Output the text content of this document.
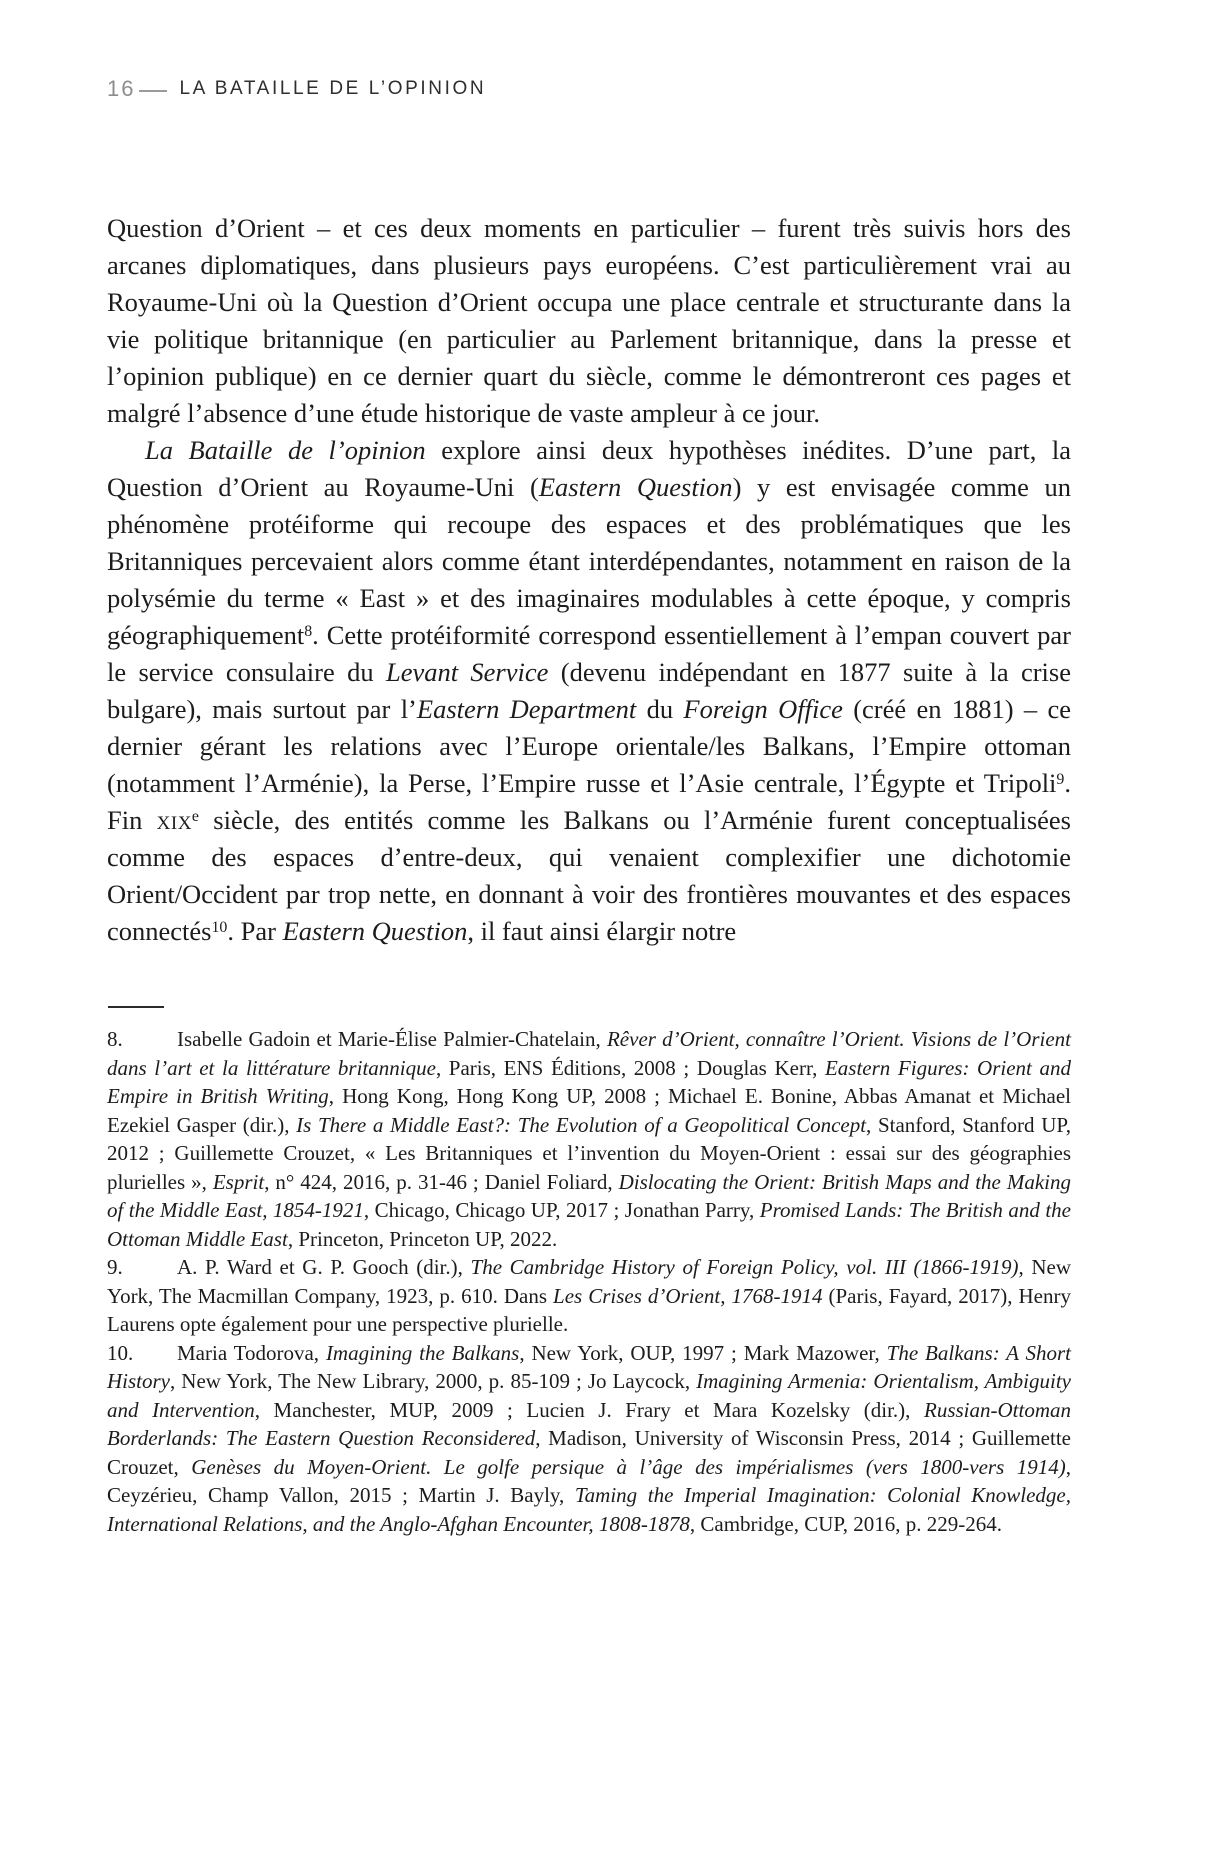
16 LA BATAILLE DE L’OPINION

Question d’Orient – et ces deux moments en particulier – furent très suivis hors des arcanes diplomatiques, dans plusieurs pays européens. C’est particulièrement vrai au Royaume-Uni où la Question d’Orient occupa une place centrale et structurante dans la vie politique britannique (en particulier au Parlement britannique, dans la presse et l’opinion publique) en ce dernier quart du siècle, comme le démontreront ces pages et malgré l’absence d’une étude historique de vaste ampleur à ce jour.

La Bataille de l’opinion explore ainsi deux hypothèses inédites. D’une part, la Question d’Orient au Royaume-Uni (Eastern Question) y est envisagée comme un phénomène protéiforme qui recoupe des espaces et des problématiques que les Britanniques percevaient alors comme étant interdépendantes, notamment en raison de la polysémie du terme « East » et des imaginaires modulables à cette époque, y compris géographiquement$^8$. Cette protéiformité correspond essentiellement à l’empan couvert par le service consulaire du Levant Service (devenu indépendant en 1877 suite à la crise bulgare), mais surtout par l’Eastern Department du Foreign Office (créé en 1881) – ce dernier gérant les relations avec l’Europe orientale/les Balkans, l’Empire ottoman (notamment l’Arménie), la Perse, l’Empire russe et l’Asie centrale, l’Égypte et Tripoli$^9$. Fin xix$^e$ siècle, des entités comme les Balkans ou l’Arménie furent conceptualisées comme des espaces d’entre-deux, qui venaient complexifier une dichotomie Orient/Occident par trop nette, en donnant à voir des frontières mouvantes et des espaces connectés$^{10}$. Par Eastern Question, il faut ainsi élargir notre

8.	Isabelle Gadoin et Marie-Élise Palmier-Chatelain, Rêver d’Orient, connaître l’Orient. Visions de l’Orient dans l’art et la littérature britannique, Paris, ENS Éditions, 2008 ; Douglas Kerr, Eastern Figures: Orient and Empire in British Writing, Hong Kong, Hong Kong UP, 2008 ; Michael E. Bonine, Abbas Amanat et Michael Ezekiel Gasper (dir.), Is There a Middle East?: The Evolution of a Geopolitical Concept, Stanford, Stanford UP, 2012 ; Guillemette Crouzet, « Les Britanniques et l’invention du Moyen-Orient : essai sur des géographies plurielles », Esprit, n° 424, 2016, p. 31-46 ; Daniel Foliard, Dislocating the Orient: British Maps and the Making of the Middle East, 1854-1921, Chicago, Chicago UP, 2017 ; Jonathan Parry, Promised Lands: The British and the Ottoman Middle East, Princeton, Princeton UP, 2022.

9.	A. P. Ward et G. P. Gooch (dir.), The Cambridge History of Foreign Policy, vol. III (1866-1919), New York, The Macmillan Company, 1923, p. 610. Dans Les Crises d’Orient, 1768-1914 (Paris, Fayard, 2017), Henry Laurens opte également pour une perspective plurielle.

10. Maria Todorova, Imagining the Balkans, New York, OUP, 1997 ; Mark Mazower, The Balkans: A Short History, New York, The New Library, 2000, p. 85-109 ; Jo Laycock, Imagining Armenia: Orientalism, Ambiguity and Intervention, Manchester, MUP, 2009 ; Lucien J. Frary et Mara Kozelsky (dir.), Russian-Ottoman Borderlands: The Eastern Question Reconsidered, Madison, University of Wisconsin Press, 2014 ; Guillemette Crouzet, Genèses du Moyen-Orient. Le golfe persique à l’âge des impérialismes (vers 1800-vers 1914), Ceyzérieu, Champ Vallon, 2015 ; Martin J. Bayly, Taming the Imperial Imagination: Colonial Knowledge, International Relations, and the Anglo-Afghan Encounter, 1808-1878, Cambridge, CUP, 2016, p. 229-264.
